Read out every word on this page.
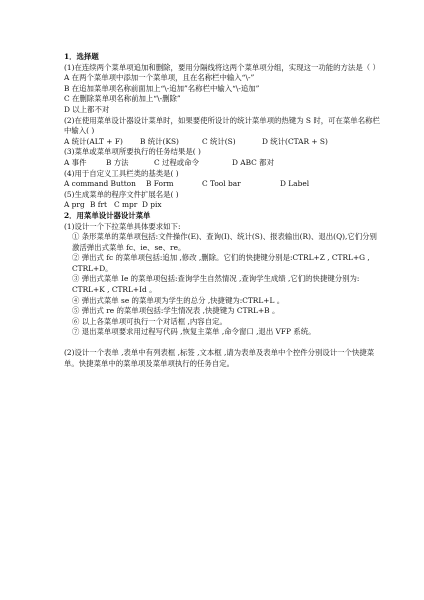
1．选择题
(1)在连续两个菜单项追加和删除，要用分隔线将这两个菜单项分组，实现这一功能的方法是（ ）
A 在两个菜单项中添加一个菜单项，且在名称栏中输入“\-”
B 在追加菜单项名称前面加上“\-追加”名称栏中输入“\-追加”
C 在删除菜单项名称前加上“\-删除”
D 以上都不对
(2)在使用菜单设计器设计菜单时，如果要使所设计的统计菜单项的热键为 S 时，可在菜单名称栏中输入( )
A 统计(ALT + F)	B 统计(KS)	C 统计(S)	D 统计(CTAR + S)
(3)菜单或菜单项所要执行的任务结果是( )
A 事件	B 方法	C 过程或命令	D ABC 都对
(4)用于自定义工具栏类的基类是( )
A command Button	B Form	C Tool bar	D Label
(5)生成菜单的程序文件扩展名是( )
A prg B frt C mpr D pix
2．用菜单设计器设计菜单
(1)设计一个下拉菜单具体要求如下:
① 条形菜单的菜单项包括:文件操作(E)、查询(I)、统计(S)、报表输出(R)、退出(Q),它们分别激活弹出式菜单 fc、ie、se、re。
② 弹出式 fc 的菜单项包括:追加 ,修改 ,删除。它们的快捷键分别是:CTRL+Z , CTRL+G , CTRL+D。
③ 弹出式菜单 Ie 的菜单项包括:查询学生自然情况 ,查询学生成绩 ,它们的快捷键分别为: CTRL+K , CTRL+Id 。
④ 弹出式菜单 se 的菜单项为学生的总分 ,快捷键为:CTRL+L 。
⑤ 弹出式 re 的菜单项包括:学生情况表 ,快捷键为 CTRL+B 。
⑥ 以上各菜单项可执行一个对话框 ,内容自定。
⑦ 退出菜单项要求用过程写代码 ,恢复主菜单 ,命令窗口 ,退出 VFP 系统。
(2)设计一个表单 ,表单中有列表框 ,标签 ,文本框 ,请为表单及表单中个控件分别设计一个快捷菜单。快捷菜单中的菜单项及菜单项执行的任务自定。
